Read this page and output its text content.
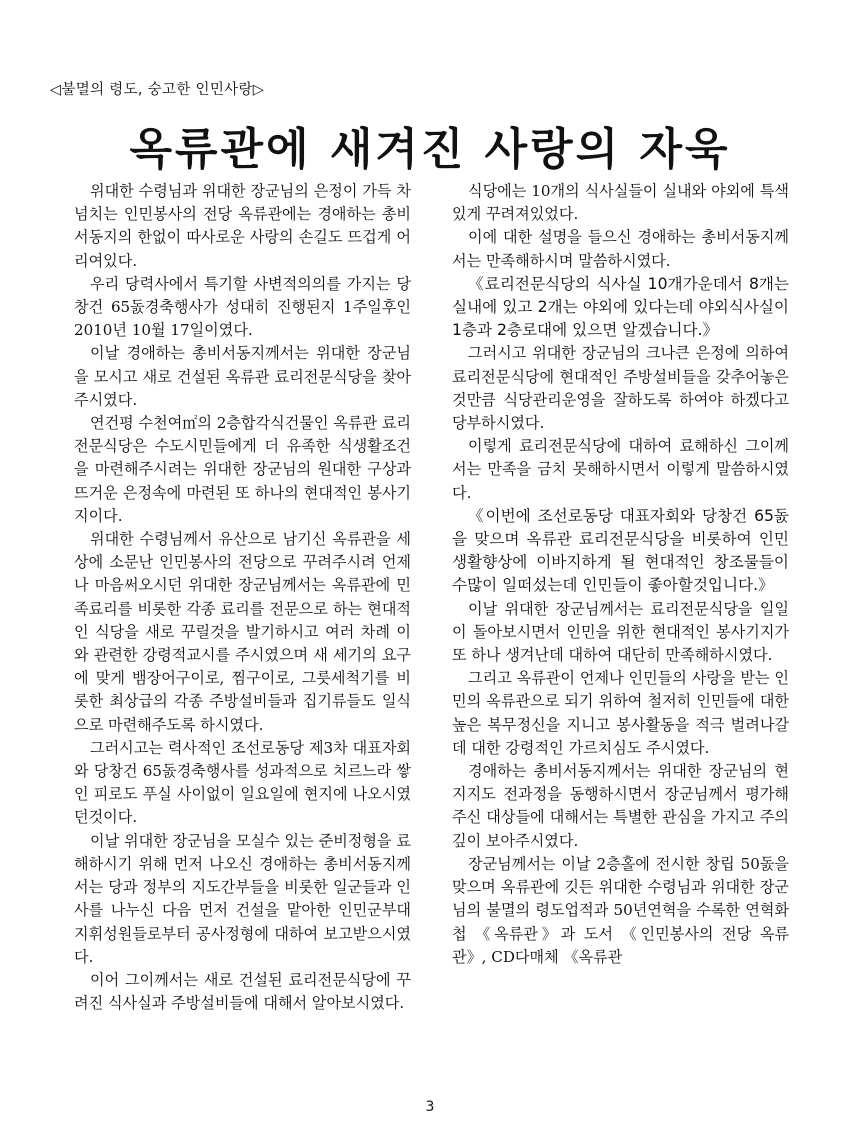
◁불멸의 령도, 숭고한 인민사랑▷
옥류관에 새겨진 사랑의 자욱

위대한 수령님과 위대한 장군님의 은정이 가득 차넘치는 인민봉사의 전당 옥류관에는 경애하는 총비서동지의 한없이 따사로운 사랑의 손길도 뜨겁게 어리여있다.

우리 당력사에서 특기할 사변적의의를 가지는 당창건 65돐경축행사가 성대히 진행된지 1주일후인 2010년 10월 17일이였다.

이날 경애하는 총비서동지께서는 위대한 장군님을 모시고 새로 건설된 옥류관 료리전문식당을 찾아주시였다.

연건평 수천여㎡의 2층합각식건물인 옥류관 료리전문식당은 수도시민들에게 더 유족한 식생활조건을 마련해주시려는 위대한 장군님의 원대한 구상과 뜨거운 은정속에 마련된 또 하나의 현대적인 봉사기지이다.

위대한 수령님께서 유산으로 남기신 옥류관을 세상에 소문난 인민봉사의 전당으로 꾸려주시려 언제나 마음써오시던 위대한 장군님께서는 옥류관에 민족료리를 비롯한 각종 료리를 전문으로 하는 현대적인 식당을 새로 꾸릴것을 발기하시고 여러 차례 이와 관련한 강령적교시를 주시였으며 새 세기의 요구에 맞게 뱀장어구이로, 찜구이로, 그릇세척기를 비롯한 최상급의 각종 주방설비들과 집기류들도 일식으로 마련해주도록 하시였다.

그러시고는 력사적인 조선로동당 제3차 대표자회와 당창건 65돐경축행사를 성과적으로 치르느라 쌓인 피로도 푸실 사이없이 일요일에 현지에 나오시였던것이다.

이날 위대한 장군님을 모실수 있는 준비정형을 료해하시기 위해 먼저 나오신 경애하는 총비서동지께서는 당과 정부의 지도간부들을 비롯한 일군들과 인사를 나누신 다음 먼저 건설을 맡아한 인민군부대 지휘성원들로부터 공사정형에 대하여 보고받으시였다.

이어 그이께서는 새로 건설된 료리전문식당에 꾸려진 식사실과 주방설비들에 대해서 알아보시였다.

식당에는 10개의 식사실들이 실내와 야외에 특색있게 꾸려져있었다.

이에 대한 설명을 들으신 경애하는 총비서동지께서는 만족해하시며 말씀하시였다.

《료리전문식당의 식사실 10개가운데서 8개는 실내에 있고 2개는 야외에 있다는데 야외식사실이 1층과 2층로대에 있으면 알겠습니다.》

그러시고 위대한 장군님의 크나큰 은정에 의하여 료리전문식당에 현대적인 주방설비들을 갖추어놓은것만큼 식당관리운영을 잘하도록 하여야 하겠다고 당부하시였다.

이렇게 료리전문식당에 대하여 료해하신 그이께서는 만족을 금치 못해하시면서 이렇게 말씀하시였다.

《이번에 조선로동당 대표자회와 당창건 65돐을 맞으며 옥류관 료리전문식당을 비롯하여 인민생활향상에 이바지하게 될 현대적인 창조물들이 수많이 일떠섰는데 인민들이 좋아할것입니다.》

이날 위대한 장군님께서는 료리전문식당을 일일이 돌아보시면서 인민을 위한 현대적인 봉사기지가 또 하나 생겨난데 대하여 대단히 만족해하시였다.

그리고 옥류관이 언제나 인민들의 사랑을 받는 인민의 옥류관으로 되기 위하여 철저히 인민들에 대한 높은 복무정신을 지니고 봉사활동을 적극 벌려나갈데 대한 강령적인 가르치심도 주시였다.

경애하는 총비서동지께서는 위대한 장군님의 현지지도 전과정을 동행하시면서 장군님께서 평가해주신 대상들에 대해서는 특별한 관심을 가지고 주의깊이 보아주시였다.

장군님께서는 이날 2층홀에 전시한 창립 50돐을 맞으며 옥류관에 깃든 위대한 수령님과 위대한 장군님의 불멸의 령도업적과 50년연혁을 수록한 연혁화첩 《옥류관》과 도서 《인민봉사의 전당 옥류관》, CD다매체 《옥류관

3
